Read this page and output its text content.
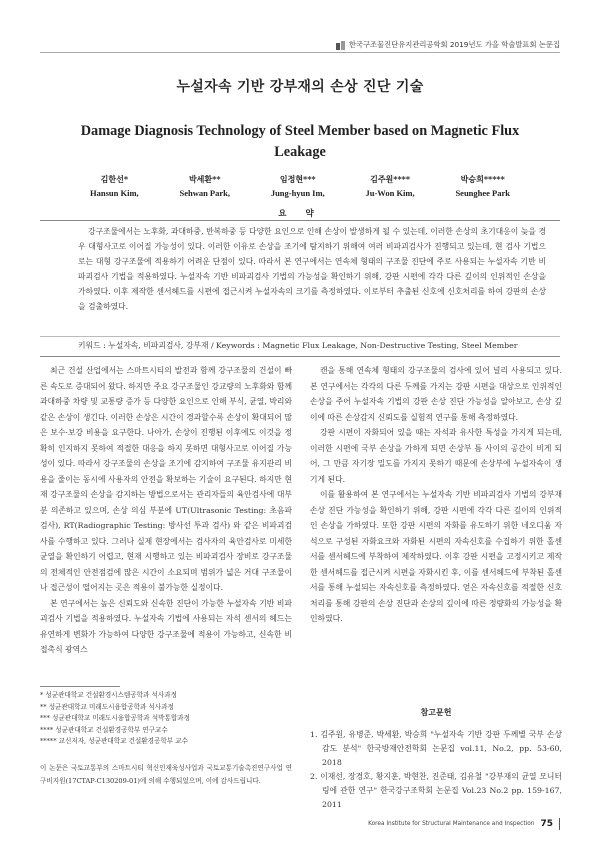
한국구조물진단유지관리공학회 2019년도 가을 학술발표회 논문집
누설자속 기반 강부재의 손상 진단 기술
Damage Diagnosis Technology of Steel Member based on Magnetic Flux Leakage
김한선*
Hansun Kim,
박세환**
Sehwan Park,
임정현***
Jung-hyun Im,
김주원****
Ju-Won Kim,
박승희*****
Seunghee Park
요 약

강구조물에서는 노후화, 과대하중, 반복하중 등 다양한 요인으로 인해 손상이 발생하게 될 수 있는데, 이러한 손상의 초기대응이 늦을 경우 대형사고로 이어질 가능성이 있다. 이러한 이유로 손상을 조기에 탐지하기 위해여 여러 비파괴검사가 진행되고 있는데, 현 검사 기법으로는 대형 강구조물에 적용하기 어려운 단점이 있다. 따라서 본 연구에서는 연속체 형태의 구조물 진단에 주로 사용되는 누설자속 기반 비파괴검사 기법을 적용하였다. 누설자속 기반 비파괴검사 기법의 가능성을 확인하기 위해, 강판 시편에 각각 다른 깊이의 인위적인 손상을 가하였다. 이후 제작한 센서헤드를 시편에 접근시켜 누설자속의 크기를 측정하였다. 이로부터 추출된 신호에 신호처리를 하여 강판의 손상을 검출하였다.

키워드 : 누설자속, 비파괴검사, 강부재 / Keywords : Magnetic Flux Leakage, Non-Destructive Testing, Steel Member

최근 건설 산업에서는 스마트시티의 발전과 함께 강구조물의 건설이 빠른 속도로 증대되어 왔다. 하지만 주요 강구조물인 강교량의 노후화와 함께 과대하중 차량 및 교통량 증가 등 다양한 요인으로 인해 부식, 균열, 박리와 같은 손상이 생긴다. 이러한 손상은 시간이 경과할수록 손상이 확대되어 많은 보수·보강 비용을 요구한다. 나아가, 손상이 진행된 이후에도 이것을 정확히 인지하지 못하여 적절한 대응을 하지 못하면 대형사고로 이어질 가능성이 있다. 따라서 강구조물의 손상을 조기에 감지하여 구조물 유지관리 비용을 줄이는 동시에 사용자의 안전을 확보하는 기술이 요구된다. 하지만 현재 강구조물의 손상을 감지하는 방법으로서는 관리자들의 육안검사에 대부분 의존하고 있으며, 손상 의심 부분에 UT(Ultrasonic Testing: 초음파 검사), RT(Radiographic Testing: 방사선 투과 검사) 와 같은 비파괴검사를 수행하고 있다. 그러나 실제 현장에서는 검사자의 육안검사로 미세한 균열을 확인하기 어렵고, 현재 시행하고 있는 비파괴검사 장비로 강구조물의 전체적인 안전점검에 많은 시간이 소요되며 범위가 넓은 거대 구조물이나 접근성이 떨어지는 곳은 적용이 불가능한 실정이다.

본 연구에서는 높은 신뢰도와 신속한 진단이 가능한 누설자속 기반 비파괴검사 기법을 적용하였다. 누설자속 기법에 사용되는 자석 센서의 헤드는 유연하게 변화가 가능하여 다양한 강구조물에 적용이 가능하고, 신속한 비접촉식 광역스

캔을 통해 연속체 형태의 강구조물의 검사에 있어 널리 사용되고 있다. 본 연구에서는 각각의 다른 두께를 가지는 강판 시편을 대상으로 인위적인 손상을 주어 누설자속 기법의 강판 손상 진단 가능성을 알아보고, 손상 깊이에 따른 손상감지 신뢰도를 실험적 연구를 통해 측정하였다.

강판 시편이 자화되어 있을 때는 자석과 유사한 특성을 가지게 되는데, 이러한 시편에 국부 손상을 가하게 되면 손상부 틈 사이의 공간이 비게 되어, 그 만큼 자기장 밀도를 가지지 못하기 때문에 손상부에 누설자속이 생기게 된다.

이를 활용하여 본 연구에서는 누설자속 기반 비파괴검사 기법의 강부재 손상 진단 가능성을 확인하기 위해, 강판 시편에 각각 다른 깊이의 인위적인 손상을 가하였다. 또한 강판 시편의 자화를 유도하기 위한 네오디움 자석으로 구성된 자화요크와 자화된 시편의 자속신호를 수집하기 위한 홀센서를 센서헤드에 부착하여 제작하였다. 이후 강판 시편을 고정시키고 제작한 센서헤드를 접근시켜 시편을 자화시킨 후, 이를 센서헤드에 부착된 홀센서를 통해 누설되는 자속신호를 측정하였다. 얻은 자속신호를 적절한 신호처리를 통해 강판의 손상 진단과 손상의 깊이에 따른 정량화의 가능성을 확인하였다.

참고문헌
1. 김주원, 유병준, 박세환, 박승희 "누설자속 기반 강판 두께별 국부 손상 감도 분석" 한국방재안전학회 논문집 vol.11, No.2, pp. 53-60, 2018
2. 이재선, 장경호, 황지훈, 박현찬, 진준태, 김유철 "강부재의 균열 모니터링에 관한 연구" 한국강구조학회 논문집 Vol.23 No.2 pp. 159-167, 2011
* 성균관대학교 건설환경시스템공학과 석사과정
** 성균관대학교 미래도시융합공학과 석사과정
*** 성균관대학교 미래도시융합공학과 석박통합과정
**** 성균관대학교 건설환경공학부 연구교수
***** 교신저자, 성균관대학교 건설환경공학부 교수

이 논문은 국토교통부의 스마트시티 혁신인재육성사업과 국토교통기술촉진연구사업 연구비지원(17CTAP-C130209-01)에 의해 수행되었으며, 이에 감사드립니다.

Korea Institute for Structural Maintenance and Inspection 75
